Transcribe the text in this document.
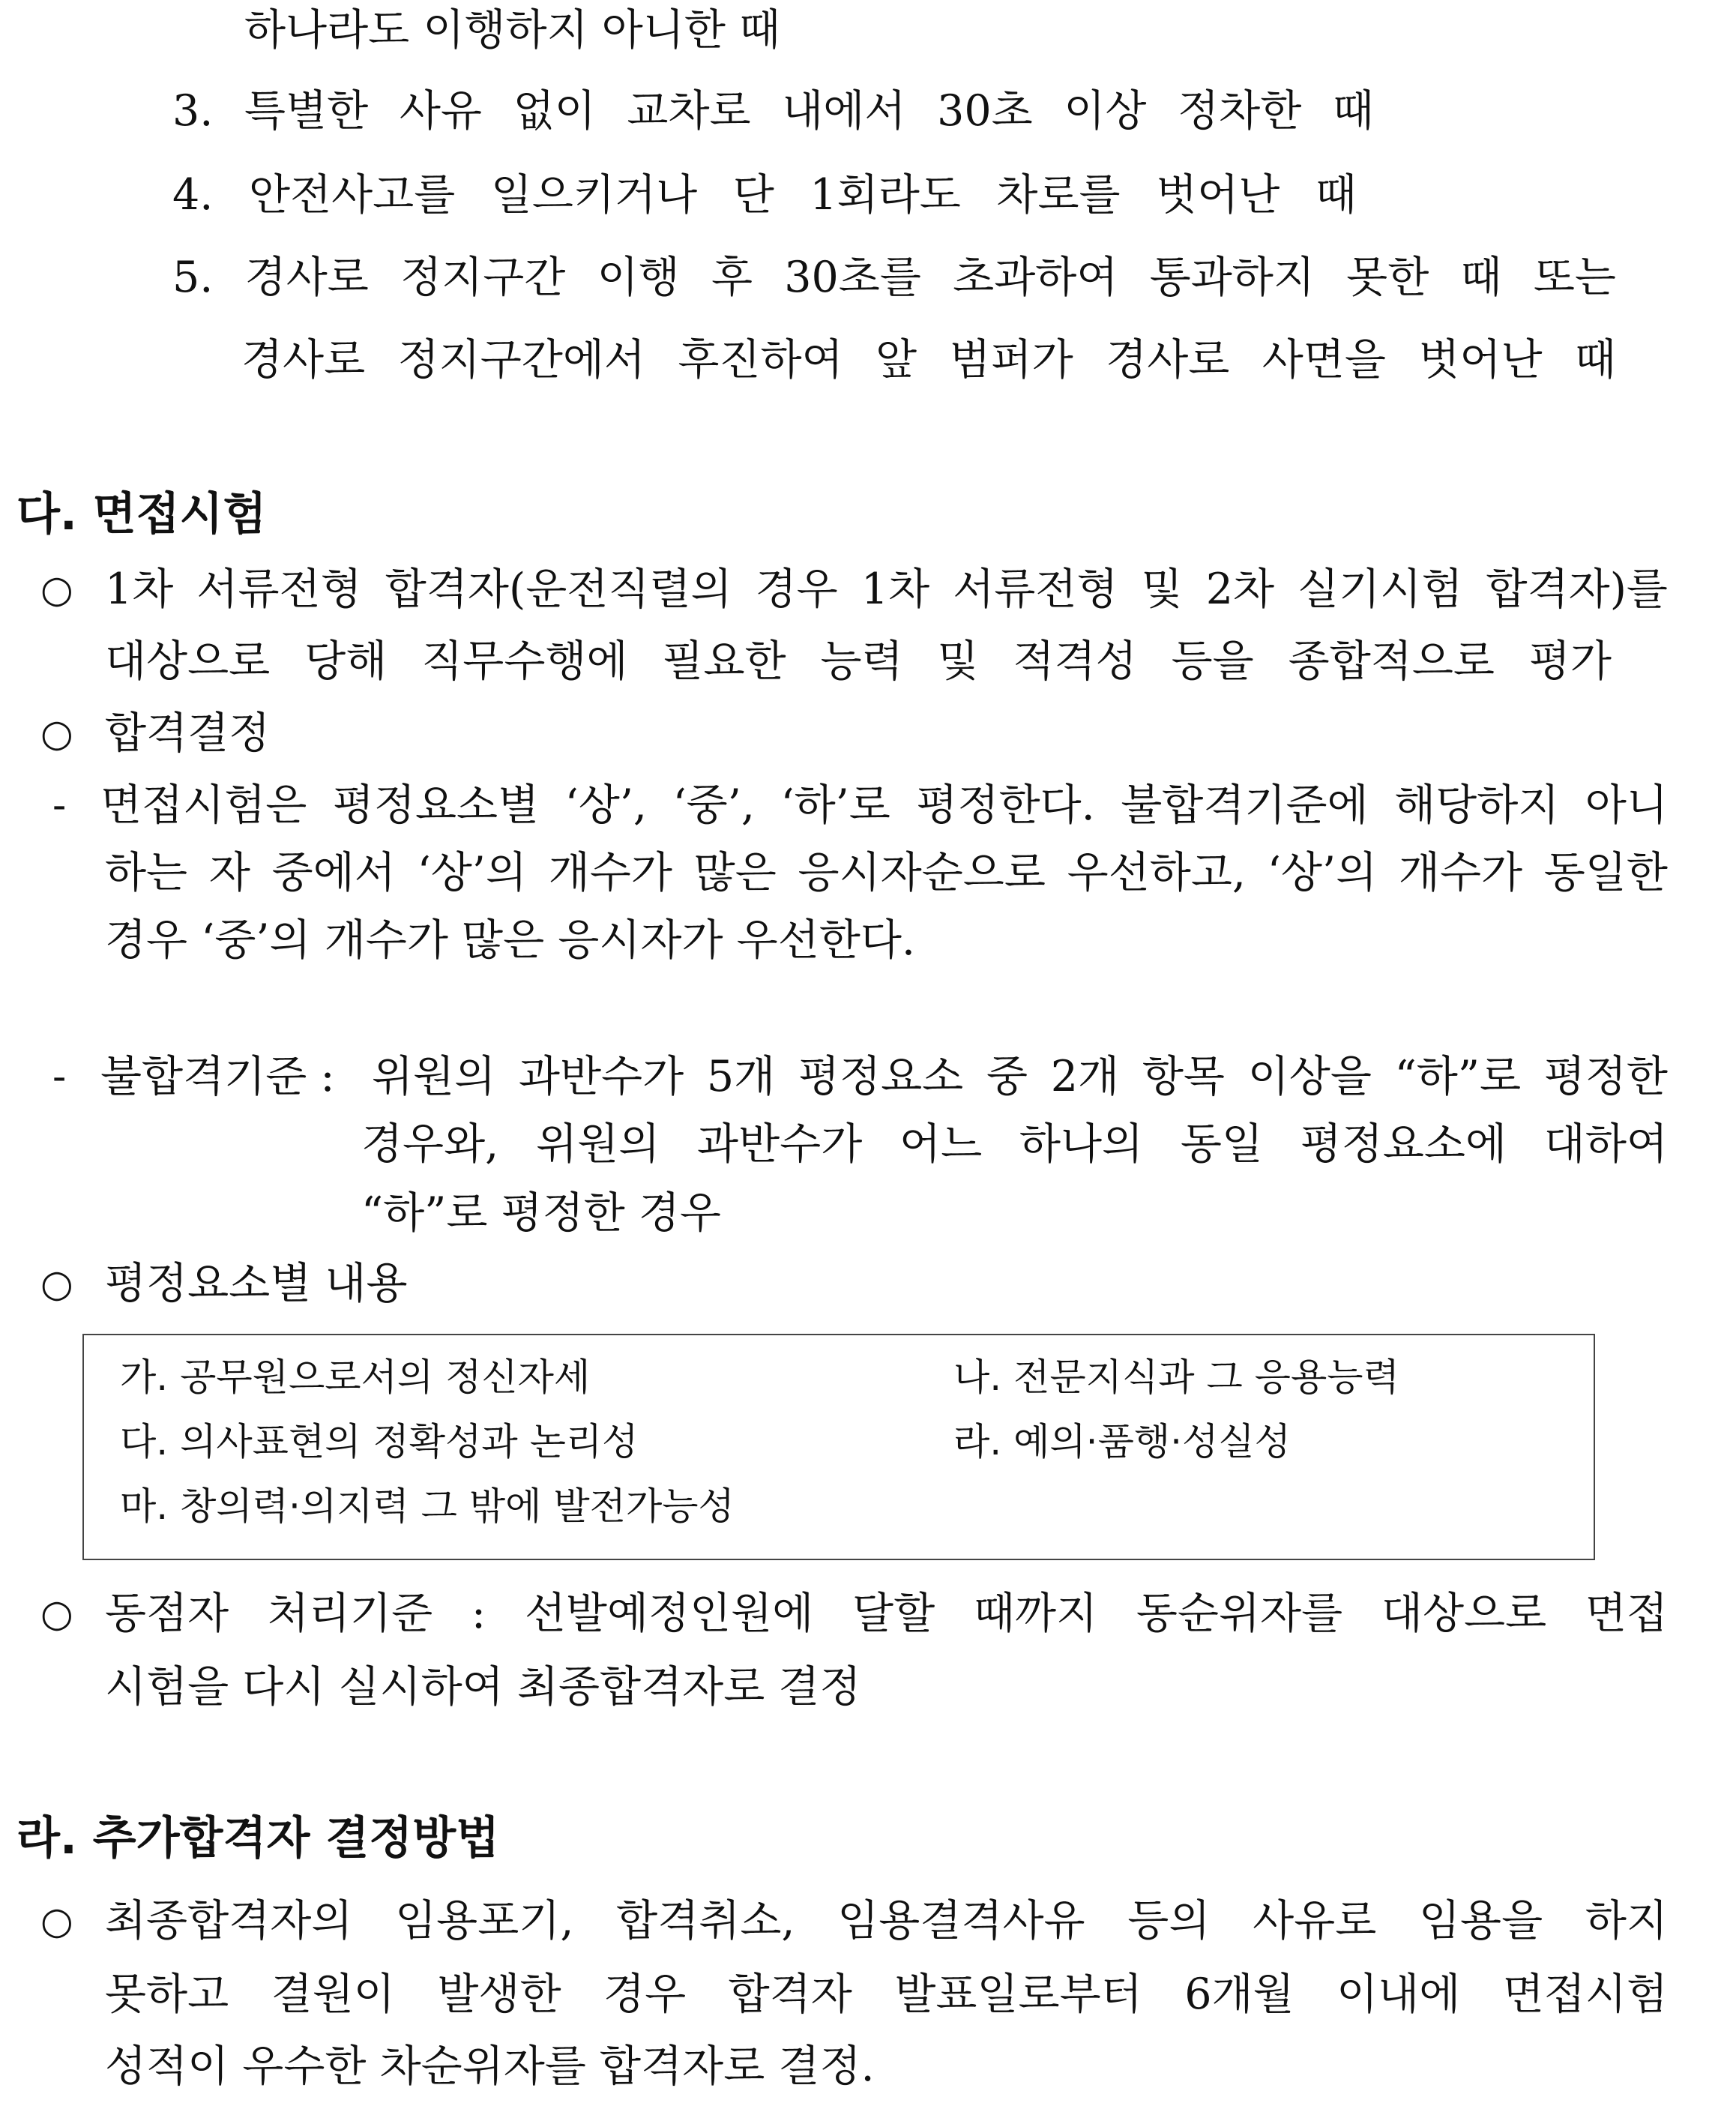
하나라도 이행하지 아니한 때
3. 특별한 사유 없이 교차로 내에서 30초 이상 정차한 때
4. 안전사고를 일으키거나 단 1회라도 차로를 벗어난 때
5. 경사로 정지구간 이행 후 30초를 초과하여 통과하지 못한 때 또는
경사로 정지구간에서 후진하여 앞 범퍼가 경사로 사면을 벗어난 때
다. 면접시험
○ 1차 서류전형 합격자(운전직렬의 경우 1차 서류전형 및 2차 실기시험 합격자)를
대상으로 당해 직무수행에 필요한 능력 및 적격성 등을 종합적으로 평가
○ 합격결정
- 면접시험은 평정요소별 ‘상’, ‘중’, ‘하’로 평정한다. 불합격기준에 해당하지 아니
하는 자 중에서 ‘상’의 개수가 많은 응시자순으로 우선하고, ‘상’의 개수가 동일한
경우 ‘중’의 개수가 많은 응시자가 우선한다.
- 불합격기준 : 위원의 과반수가 5개 평정요소 중 2개 항목 이상을 “하”로 평정한
경우와, 위원의 과반수가 어느 하나의 동일 평정요소에 대하여
“하”로 평정한 경우
○ 평정요소별 내용
가. 공무원으로서의 정신자세	나. 전문지식과 그 응용능력
다. 의사표현의 정확성과 논리성	라. 예의·품행·성실성
마. 창의력·의지력 그 밖에 발전가능성
○ 동점자 처리기준 : 선발예정인원에 달할 때까지 동순위자를 대상으로 면접
시험을 다시 실시하여 최종합격자로 결정
라. 추가합격자 결정방법
○ 최종합격자의 임용포기, 합격취소, 임용결격사유 등의 사유로 임용을 하지
못하고 결원이 발생한 경우 합격자 발표일로부터 6개월 이내에 면접시험
성적이 우수한 차순위자를 합격자로 결정.
